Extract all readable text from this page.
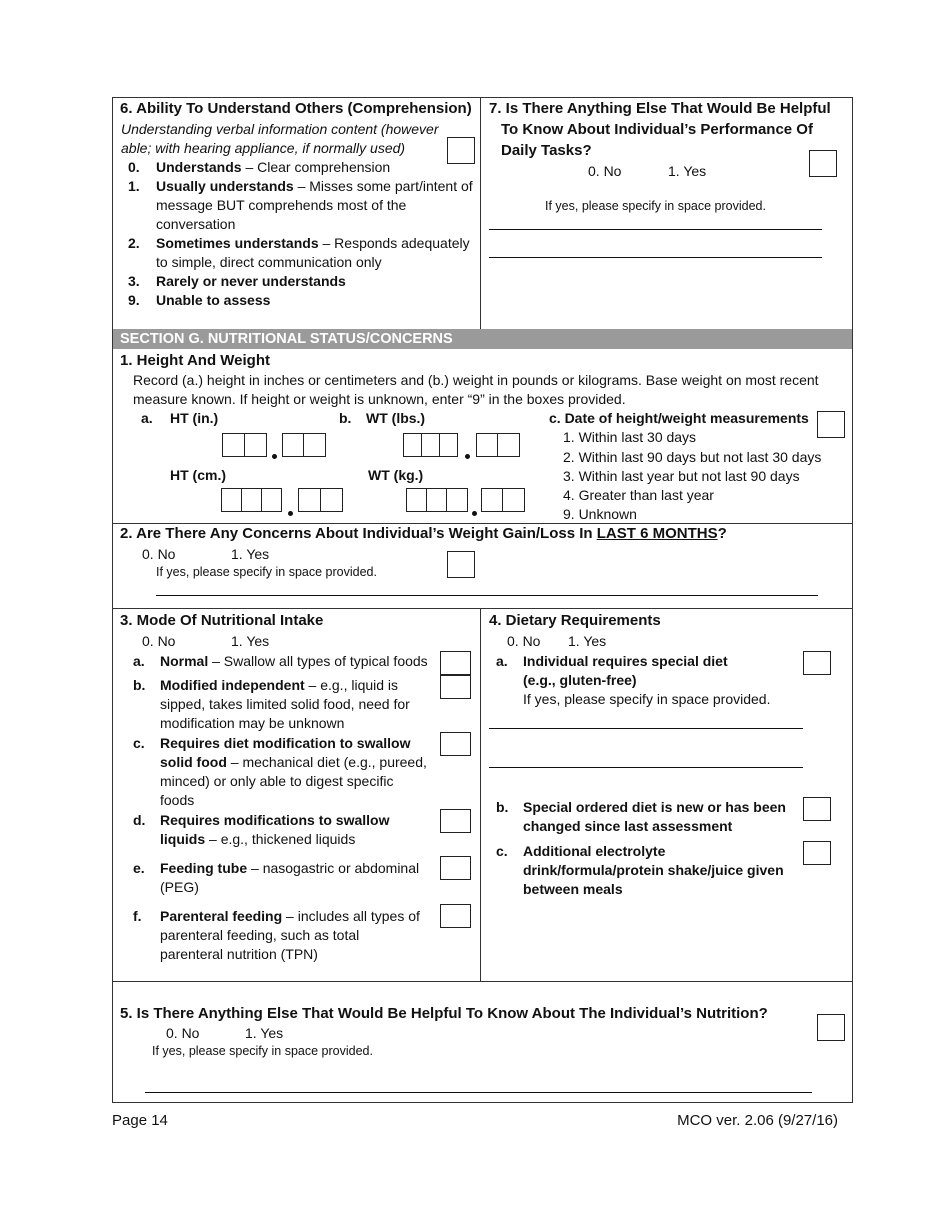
SECTION G. NUTRITIONAL STATUS/CONCERNS
6. Ability To Understand Others (Comprehension)
Understanding verbal information content (however
able; with hearing appliance, if normally used)
0. Understands – Clear comprehension
1. Usually understands – Misses some part/intent of
message BUT comprehends most of the
conversation
2. Sometimes understands – Responds adequately
to simple, direct communication only
3. Rarely or never understands
9. Unable to assess
7. Is There Anything Else That Would Be Helpful
To Know About Individual’s Performance Of
Daily Tasks?
0. No	1. Yes
If yes, please specify in space provided.
1. Height And Weight
Record (a.) height in inches or centimeters and (b.) weight in pounds or kilograms. Base weight on most recent
measure known. If height or weight is unknown, enter “9” in the boxes provided.
a. HT (in.)	b. WT (lbs.)
HT (cm.)	WT (kg.)
c. Date of height/weight measurements
1. Within last 30 days
2. Within last 90 days but not last 30 days
3. Within last year but not last 90 days
4. Greater than last year
9. Unknown
2. Are There Any Concerns About Individual’s Weight Gain/Loss In LAST 6 MONTHS?
0. No	1. Yes
If yes, please specify in space provided.
3. Mode Of Nutritional Intake
0. No	1. Yes
a. Normal – Swallow all types of typical foods
b. Modified independent – e.g., liquid is
sipped, takes limited solid food, need for
modification may be unknown
c. Requires diet modification to swallow
solid food – mechanical diet (e.g., pureed,
minced) or only able to digest specific
foods
d. Requires modifications to swallow
liquids – e.g., thickened liquids
e. Feeding tube – nasogastric or abdominal
(PEG)
f. Parenteral feeding – includes all types of
parenteral feeding, such as total
parenteral nutrition (TPN)
4. Dietary Requirements
0. No 1. Yes
a. Individual requires special diet
(e.g., gluten-free)
If yes, please specify in space provided.
b. Special ordered diet is new or has been
changed since last assessment
c. Additional electrolyte
drink/formula/protein shake/juice given
between meals
5. Is There Anything Else That Would Be Helpful To Know About The Individual’s Nutrition?
0. No	1. Yes
If yes, please specify in space provided.
Page 14	MCO ver. 2.06 (9/27/16)
